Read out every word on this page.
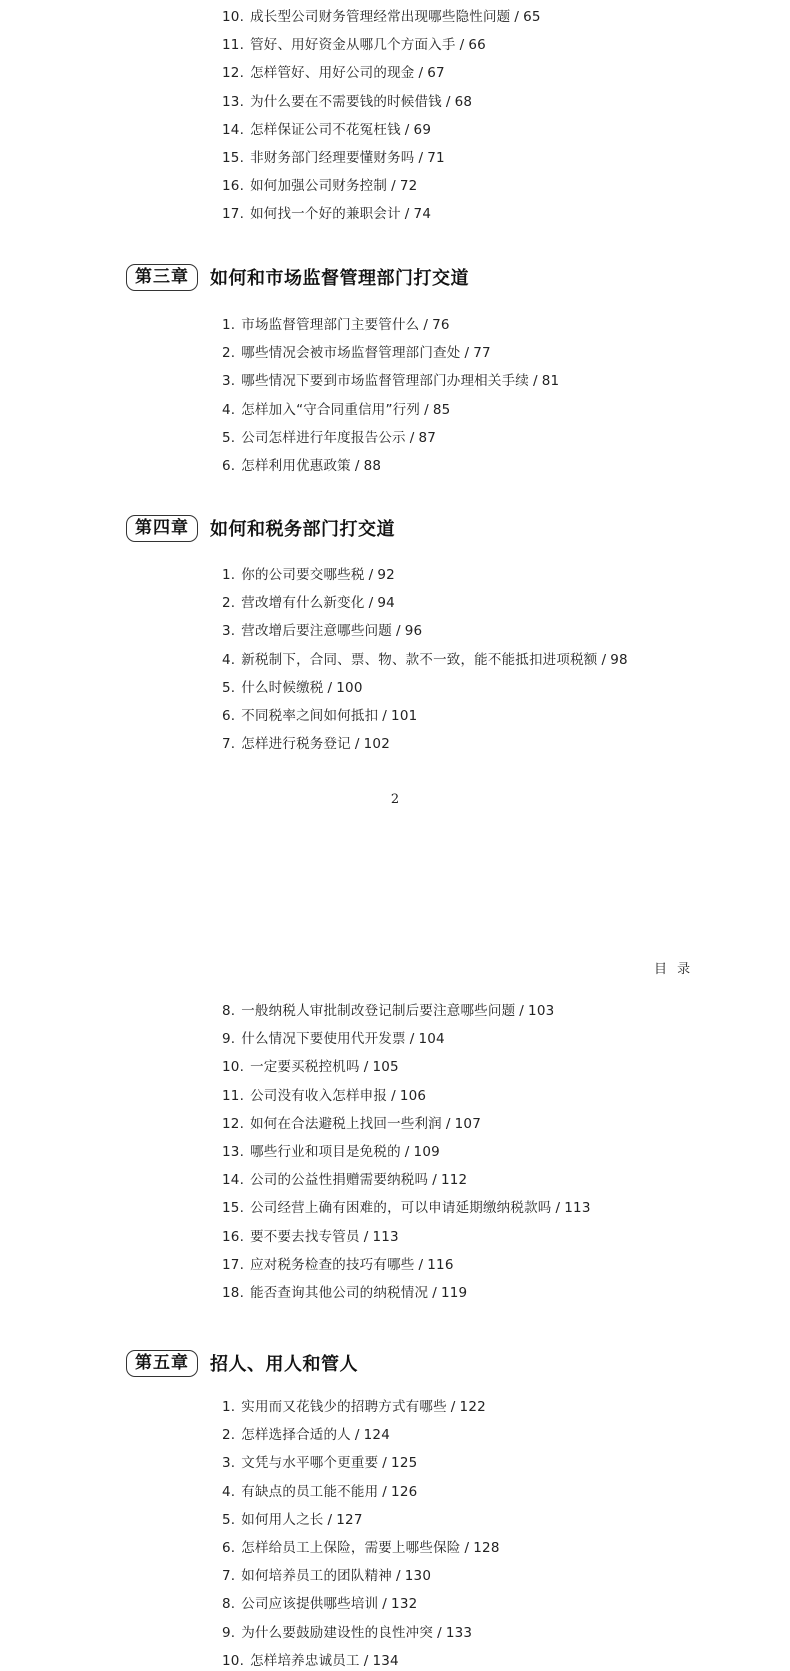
2
目 录
10. 成长型公司财务管理经常出现哪些隐性问题 / 65
11. 管好、用好资金从哪几个方面入手 / 66
12. 怎样管好、用好公司的现金 / 67
13. 为什么要在不需要钱的时候借钱 / 68
14. 怎样保证公司不花冤枉钱 / 69
15. 非财务部门经理要懂财务吗 / 71
16. 如何加强公司财务控制 / 72
17. 如何找一个好的兼职会计 / 74
第三章	如何和市场监督管理部门打交道
1. 市场监督管理部门主要管什么 / 76
2. 哪些情况会被市场监督管理部门查处 / 77
3. 哪些情况下要到市场监督管理部门办理相关手续 / 81
4. 怎样加入“守合同重信用”行列 / 85
5. 公司怎样进行年度报告公示 / 87
6. 怎样利用优惠政策 / 88
第四章	如何和税务部门打交道
1. 你的公司要交哪些税 / 92
2. 营改增有什么新变化 / 94
3. 营改增后要注意哪些问题 / 96
4. 新税制下，合同、票、物、款不一致，能不能抵扣进项税额 / 98
5. 什么时候缴税 / 100
6. 不同税率之间如何抵扣 / 101
7. 怎样进行税务登记 / 102
8. 一般纳税人审批制改登记制后要注意哪些问题 / 103
9. 什么情况下要使用代开发票 / 104
10. 一定要买税控机吗 / 105
11. 公司没有收入怎样申报 / 106
12. 如何在合法避税上找回一些利润 / 107
13. 哪些行业和项目是免税的 / 109
14. 公司的公益性捐赠需要纳税吗 / 112
15. 公司经营上确有困难的，可以申请延期缴纳税款吗 / 113
16. 要不要去找专管员 / 113
17. 应对税务检查的技巧有哪些 / 116
18. 能否查询其他公司的纳税情况 / 119
第五章	招人、用人和管人
1. 实用而又花钱少的招聘方式有哪些 / 122
2. 怎样选择合适的人 / 124
3. 文凭与水平哪个更重要 / 125
4. 有缺点的员工能不能用 / 126
5. 如何用人之长 / 127
6. 怎样给员工上保险，需要上哪些保险 / 128
7. 如何培养员工的团队精神 / 130
8. 公司应该提供哪些培训 / 132
9. 为什么要鼓励建设性的良性冲突 / 133
10. 怎样培养忠诚员工 / 134
